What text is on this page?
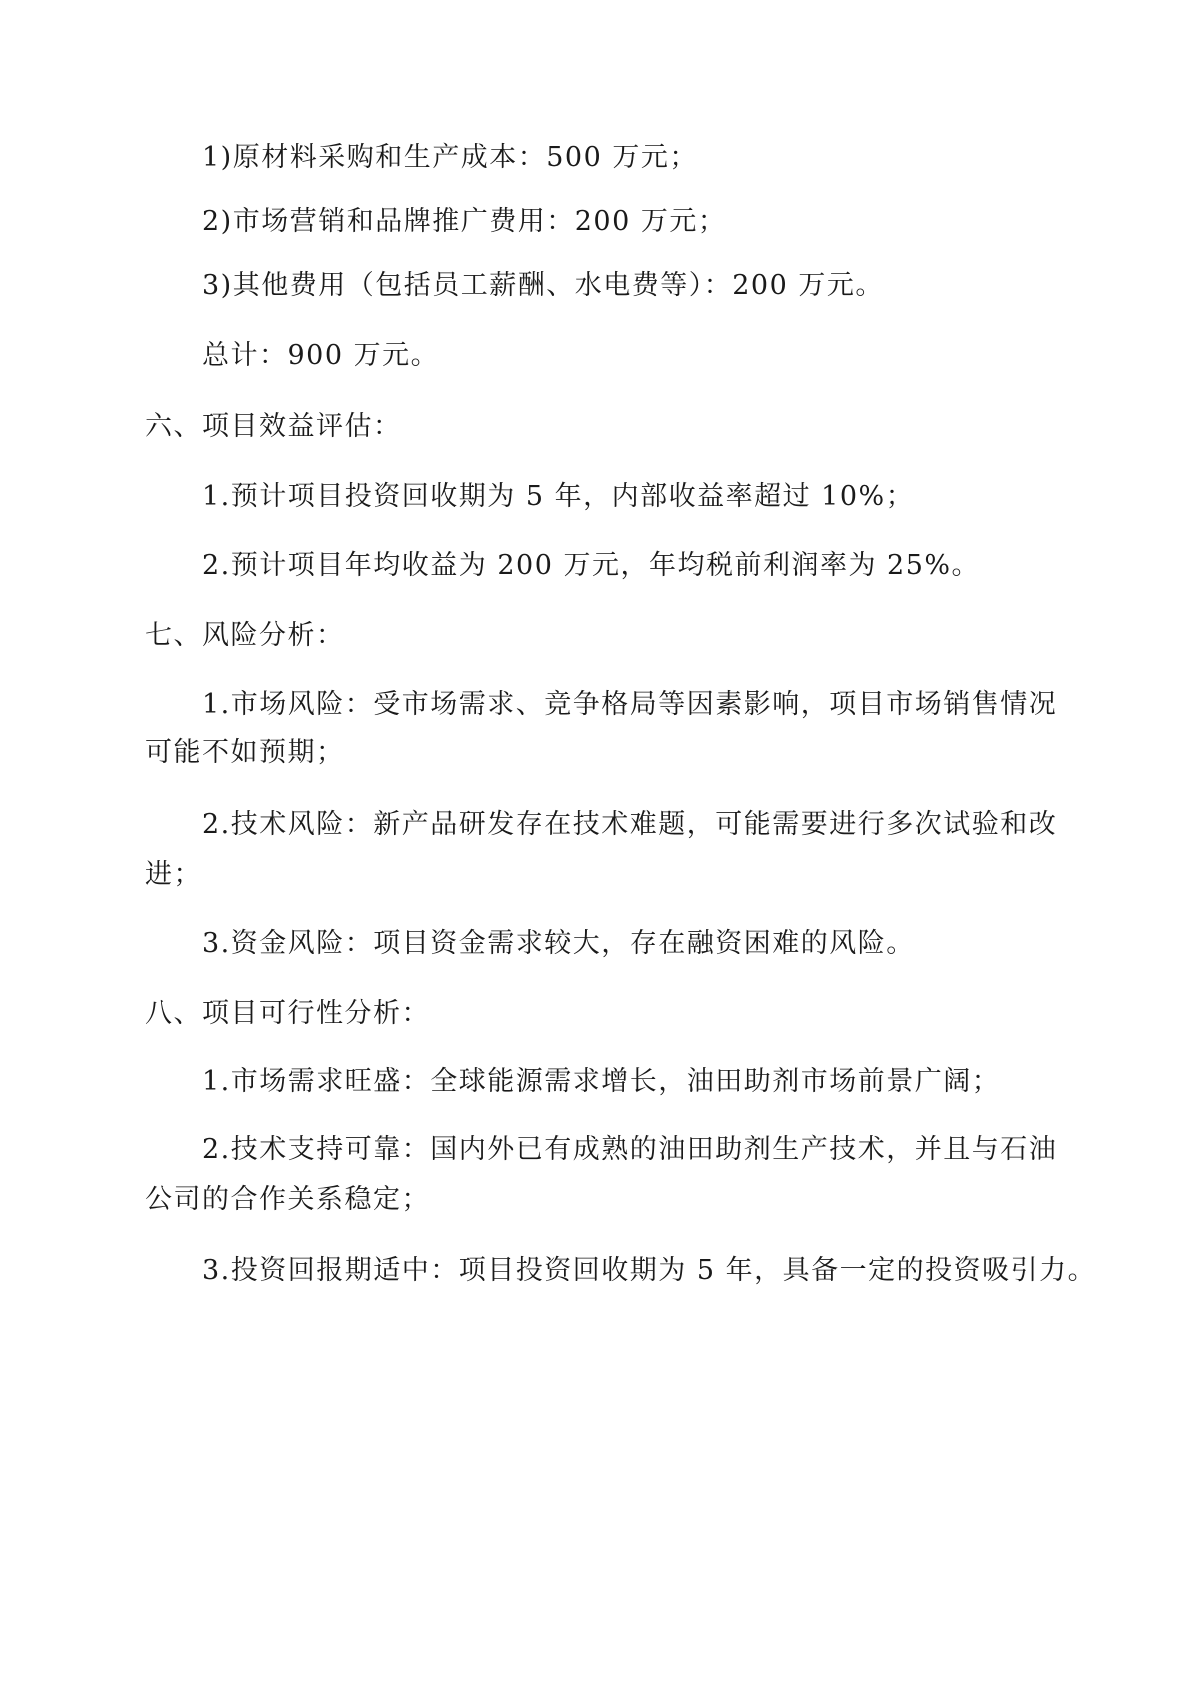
1)原材料采购和生产成本：500 万元；

2)市场营销和品牌推广费用：200 万元；

3)其他费用（包括员工薪酬、水电费等）：200 万元。

总计：900 万元。

六、项目效益评估：

1.预计项目投资回收期为 5 年，内部收益率超过 10%；

2.预计项目年均收益为 200 万元，年均税前利润率为 25%。

七、风险分析：

1.市场风险：受市场需求、竞争格局等因素影响，项目市场销售情况

可能不如预期；

2.技术风险：新产品研发存在技术难题，可能需要进行多次试验和改

进；

3.资金风险：项目资金需求较大，存在融资困难的风险。

八、项目可行性分析：

1.市场需求旺盛：全球能源需求增长，油田助剂市场前景广阔；

2.技术支持可靠：国内外已有成熟的油田助剂生产技术，并且与石油

公司的合作关系稳定；

3.投资回报期适中：项目投资回收期为 5 年，具备一定的投资吸引力。
